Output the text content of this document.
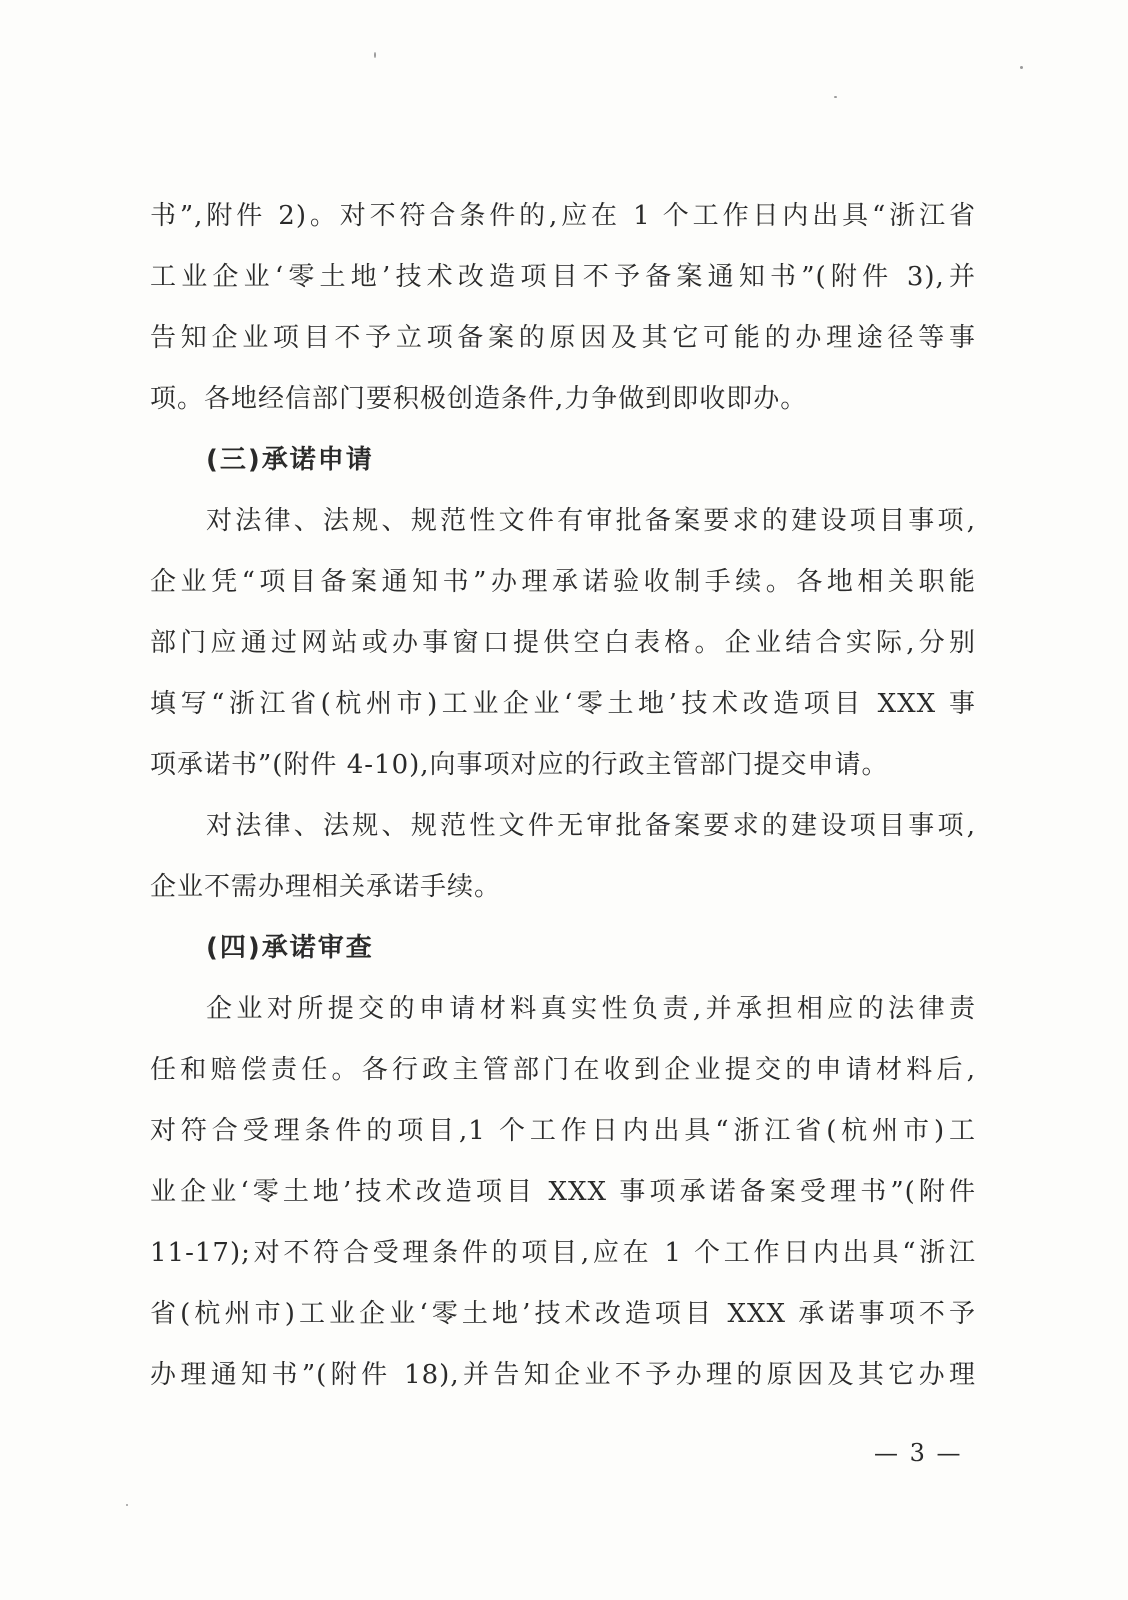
书”,附件 2)。对不符合条件的,应在 1 个工作日内出具“浙江省
工业企业‘零土地’技术改造项目不予备案通知书”(附件 3),并
告知企业项目不予立项备案的原因及其它可能的办理途径等事
项。各地经信部门要积极创造条件,力争做到即收即办。
(三)承诺申请
对法律、法规、规范性文件有审批备案要求的建设项目事项,
企业凭“项目备案通知书”办理承诺验收制手续。各地相关职能
部门应通过网站或办事窗口提供空白表格。企业结合实际,分别
填写“浙江省(杭州市)工业企业‘零土地’技术改造项目 XXX 事
项承诺书”(附件 4-10),向事项对应的行政主管部门提交申请。
对法律、法规、规范性文件无审批备案要求的建设项目事项,
企业不需办理相关承诺手续。
(四)承诺审查
企业对所提交的申请材料真实性负责,并承担相应的法律责
任和赔偿责任。各行政主管部门在收到企业提交的申请材料后,
对符合受理条件的项目,1 个工作日内出具“浙江省(杭州市)工
业企业‘零土地’技术改造项目 XXX 事项承诺备案受理书”(附件
11-17);对不符合受理条件的项目,应在 1 个工作日内出具“浙江
省(杭州市)工业企业‘零土地’技术改造项目 XXX 承诺事项不予
办理通知书”(附件 18),并告知企业不予办理的原因及其它办理
— 3 —
